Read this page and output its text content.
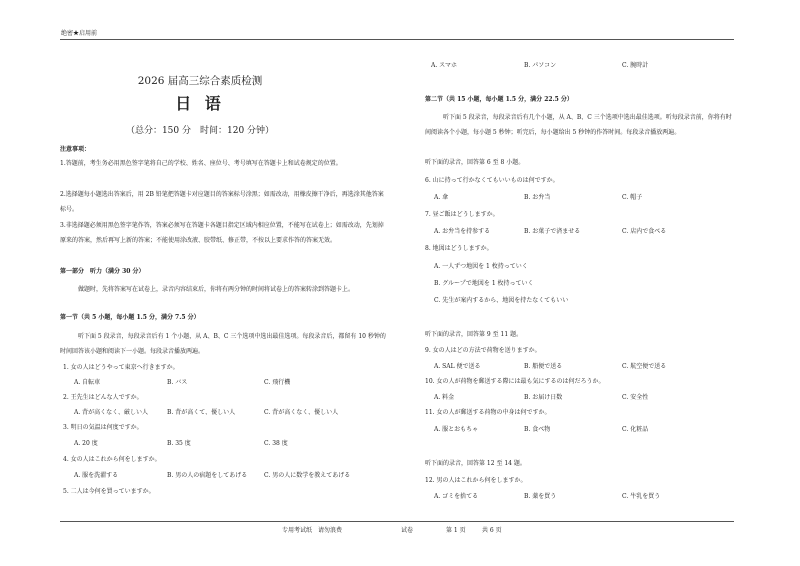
绝密★启用前
2026 届高三综合素质检测
日 语
（总分：150 分　时间：120 分钟）
注意事项：
1.答题前，考生务必用黑色签字笔将自己的学校、姓名、座位号、考号填写在答题卡上和试卷规定的位置。
2.选择题每小题选出答案后，用 2B 铅笔把答题卡对应题目的答案标号涂黑；如需改动，用橡皮擦干净后，再选涂其他答案标号。
3.非选择题必须用黑色签字笔作答，答案必须写在答题卡各题目指定区域内相应位置，不能写在试卷上；如需改动，先划掉原来的答案，然后再写上新的答案；不能使用涂改液、胶带纸、修正带，不按以上要求作答的答案无效。
第一部分　听力（满分 30 分）
做题时，先将答案写在试卷上，录音内容结束后，你将有两分钟的时间将试卷上的答案转涂到答题卡上。
第一节（共 5 小题，每小题 1.5 分，满分 7.5 分）
听下面 5 段录音，每段录音后有 1 个小题，从 A、B、C 三个选项中选出最佳选项。每段录音后，都留有 10 秒钟的时间回答该小题和阅读下一小题。每段录音播放两遍。
1. 女の人はどうやって東京へ行きますか。
A. 自転車	B. バス	C. 飛行機
2. 王先生はどんな人ですか。
A. 背が高くなく、厳しい人	B. 背が高くて、優しい人	C. 背が高くなく、優しい人
3. 明日の気温は何度ですか。
A. 20 度	B. 35 度	C. 38 度
4. 女の人はこれから何をしますか。
A. 服を洗濯する	B. 男の人の宿題をしてあげる	C. 男の人に数学を教えてあげる
5. 二人は今何を買っていますか。
A. スマホ	B. パソコン	C. 腕時計
第二节（共 15 小题，每小题 1.5 分，满分 22.5 分）
听下面 5 段录音，每段录音后有几个小题，从 A、B、C 三个选项中选出最佳选项。听每段录音前，你将有时间阅读各个小题，每小题 5 秒钟；听完后，每小题给出 5 秒钟的作答时间。每段录音播放两遍。
听下面的录音，回答第 6 至 8 小题。
6. 山に持って行かなくてもいいものは何ですか。
A. 傘	B. お弁当	C. 帽子
7. 昼ご飯はどうしますか。
A. お弁当を持参する	B. お菓子で済ませる	C. 店内で食べる
8. 地図はどうしますか。
A. 一人ずつ地図を 1 枚持っていく
B. グループで地図を 1 枚持っていく
C. 先生が案内するから、地図を持たなくてもいい
听下面的录音，回答第 9 至 11 题。
9. 女の人はどの方法で荷物を送りますか。
A. SAL 便で送る	B. 船便で送る	C. 航空便で送る
10. 女の人が荷物を郵送する際には最も気にするのは何だろうか。
A. 料金	B. お届け日数	C. 安全性
11. 女の人が郵送する荷物の中身は何ですか。
A. 服とおもちゃ	B. 食べ物	C. 化粧品
听下面的录音，回答第 12 至 14 题。
12. 男の人はこれから何をしますか。
A. ゴミを捨てる	B. 薬を買う	C. 牛乳を買う
专用考试纸　请勿浪费	试卷	第 1 页	共 6 页
